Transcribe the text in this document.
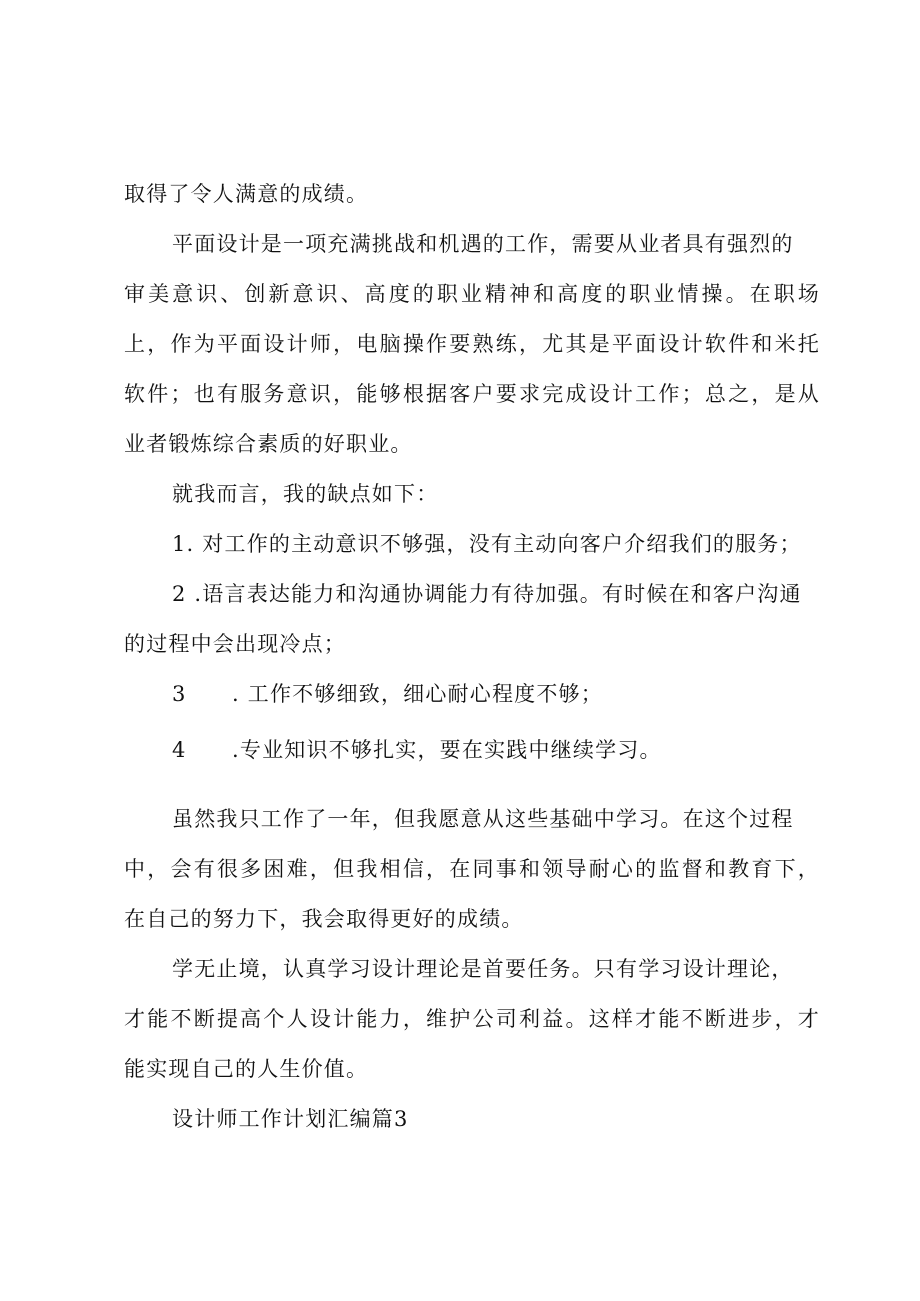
取得了令人满意的成绩。
平面设计是一项充满挑战和机遇的工作，需要从业者具有强烈的
审美意识、创新意识、高度的职业精神和高度的职业情操。在职场
上，作为平面设计师，电脑操作要熟练，尤其是平面设计软件和米托
软件；也有服务意识，能够根据客户要求完成设计工作；总之，是从
业者锻炼综合素质的好职业。
就我而言，我的缺点如下：
1. 对工作的主动意识不够强，没有主动向客户介绍我们的服务；
2 .语言表达能力和沟通协调能力有待加强。有时候在和客户沟通
的过程中会出现冷点；
3 . 工作不够细致，细心耐心程度不够；
4 .专业知识不够扎实，要在实践中继续学习。
虽然我只工作了一年，但我愿意从这些基础中学习。在这个过程
中，会有很多困难，但我相信，在同事和领导耐心的监督和教育下，
在自己的努力下，我会取得更好的成绩。
学无止境，认真学习设计理论是首要任务。只有学习设计理论，
才能不断提高个人设计能力，维护公司利益。这样才能不断进步，才
能实现自己的人生价值。
设计师工作计划汇编篇3
